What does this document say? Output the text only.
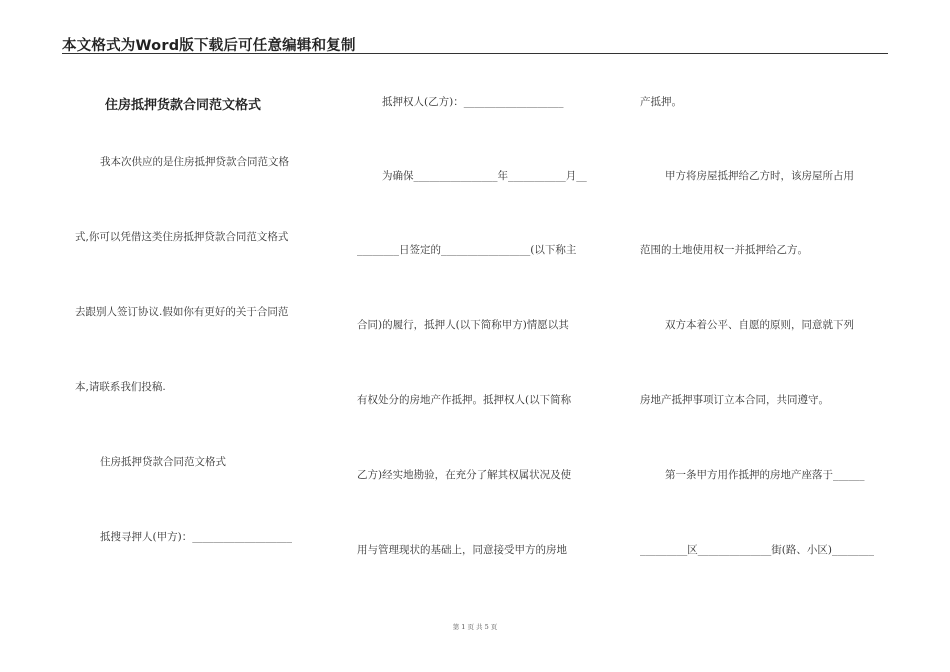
本文格式为Word版下载后可任意编辑和复制
住房抵押货款合同范文格式
我本次供应的是住房抵押贷款合同范文格
式,你可以凭借这类住房抵押贷款合同范文格式
去跟别人签订协议.假如你有更好的关于合同范
本,请联系我们投稿.
住房抵押贷款合同范文格式
抵搜寻押人(甲方)：___________________
抵押权人(乙方)：___________________
为确保________________年___________月__
________日签定的_________________(以下称主
合同)的履行，抵押人(以下简称甲方)情愿以其
有权处分的房地产作抵押。抵押权人(以下简称
乙方)经实地勘验，在充分了解其权属状况及使
用与管理现状的基础上，同意接受甲方的房地
产抵押。
甲方将房屋抵押给乙方时，该房屋所占用
范围的土地使用权一并抵押给乙方。
双方本着公平、自愿的原则，同意就下列
房地产抵押事项订立本合同，共同遵守。
第一条甲方用作抵押的房地产座落于______
_________区______________街(路、小区)________
第 1 页 共 5 页
